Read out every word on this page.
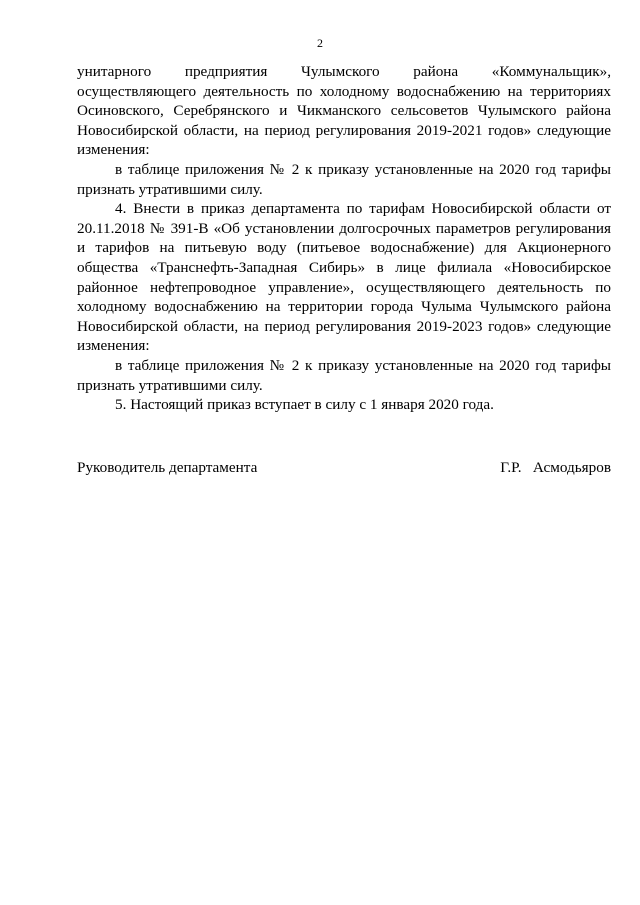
2

унитарного предприятия Чулымского района «Коммунальщик», осуществляющего деятельность по холодному водоснабжению на территориях Осиновского, Серебрянского и Чикманского сельсоветов Чулымского района Новосибирской области, на период регулирования 2019-2021 годов» следующие изменения:

в таблице приложения № 2 к приказу установленные на 2020 год тарифы признать утратившими силу.

4. Внести в приказ департамента по тарифам Новосибирской области от 20.11.2018 № 391-В «Об установлении долгосрочных параметров регулирования и тарифов на питьевую воду (питьевое водоснабжение) для Акционерного общества «Транснефть-Западная Сибирь» в лице филиала «Новосибирское районное нефтепроводное управление», осуществляющего деятельность по холодному водоснабжению на территории города Чулыма Чулымского района Новосибирской области, на период регулирования 2019-2023 годов» следующие изменения:

в таблице приложения № 2 к приказу установленные на 2020 год тарифы признать утратившими силу.

5. Настоящий приказ вступает в силу с 1 января 2020 года.

Руководитель департамента	Г.Р.   Асмодьяров
